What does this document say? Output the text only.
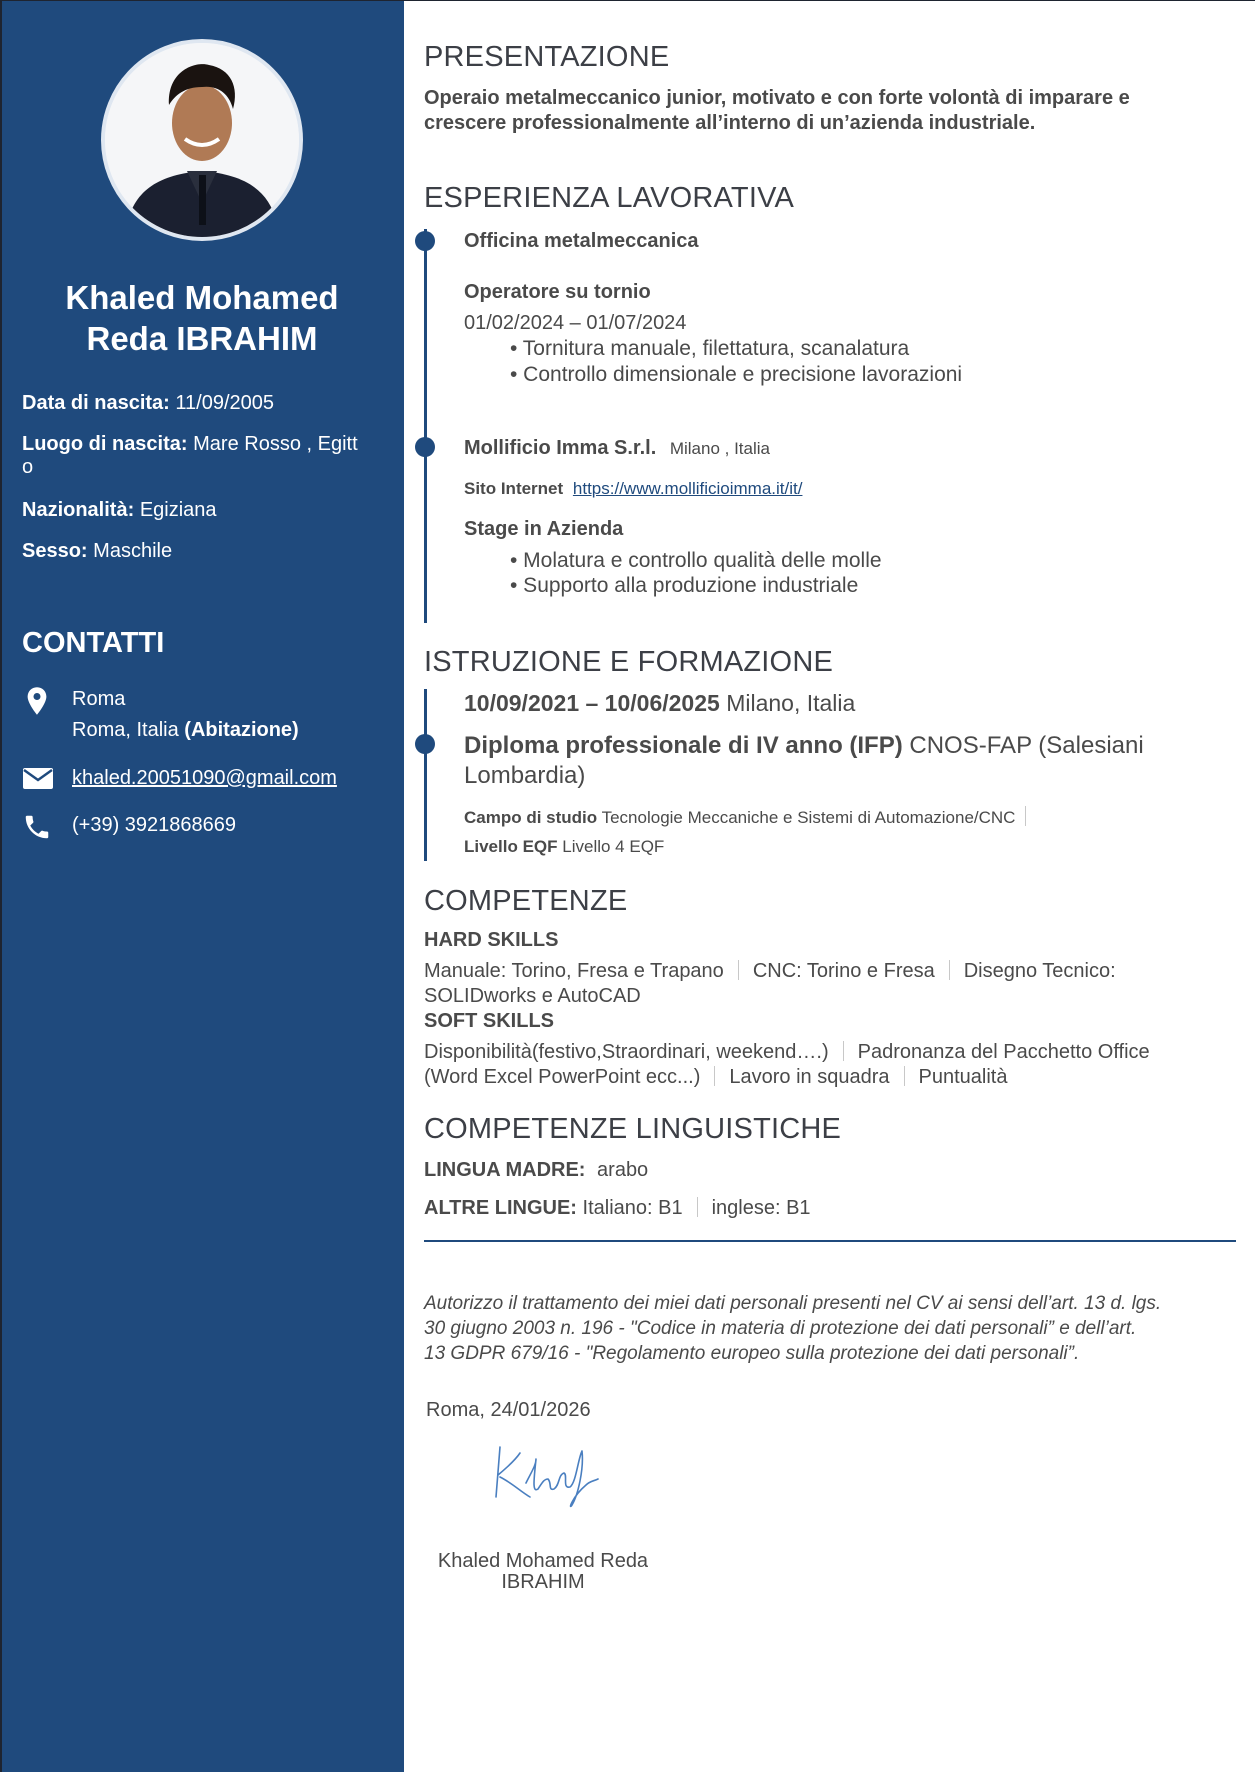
Khaled Mohamed
Reda IBRAHIM
Data di nascita: 11/09/2005
Luogo di nascita: Mare Rosso , Egitt
o
Nazionalità: Egiziana
Sesso: Maschile
CONTATTI
Roma
Roma, Italia (Abitazione)
khaled.20051090@gmail.com
(+39) 3921868669
PRESENTAZIONE
Operaio metalmeccanico junior, motivato e con forte volontà di imparare e
crescere professionalmente all’interno di un’azienda industriale.
ESPERIENZA LAVORATIVA
Officina metalmeccanica
Operatore su tornio
01/02/2024 – 01/07/2024
• Tornitura manuale, filettatura, scanalatura
• Controllo dimensionale e precisione lavorazioni
Mollificio Imma S.r.l. Milano , Italia
Sito Internet https://www.mollificioimma.it/it/
Stage in Azienda
• Molatura e controllo qualità delle molle
• Supporto alla produzione industriale
ISTRUZIONE E FORMAZIONE
10/09/2021 – 10/06/2025 Milano, Italia
Diploma professionale di IV anno (IFP) CNOS-FAP (Salesiani
Lombardia)
Campo di studio Tecnologie Meccaniche e Sistemi di Automazione/CNC
Livello EQF Livello 4 EQF
COMPETENZE
HARD SKILLS
Manuale: Torino, Fresa e Trapano CNC: Torino e Fresa Disegno Tecnico:
SOLIDworks e AutoCAD
SOFT SKILLS
Disponibilità(festivo,Straordinari, weekend….) Padronanza del Pacchetto Office
(Word Excel PowerPoint ecc...) Lavoro in squadra Puntualità
COMPETENZE LINGUISTICHE
LINGUA MADRE: arabo
ALTRE LINGUE: Italiano: B1 inglese: B1
Autorizzo il trattamento dei miei dati personali presenti nel CV ai sensi dell’art. 13 d. lgs.
30 giugno 2003 n. 196 - "Codice in materia di protezione dei dati personali” e dell’art.
13 GDPR 679/16 - "Regolamento europeo sulla protezione dei dati personali”.
Roma, 24/01/2026
Khaled Mohamed Reda
IBRAHIM
